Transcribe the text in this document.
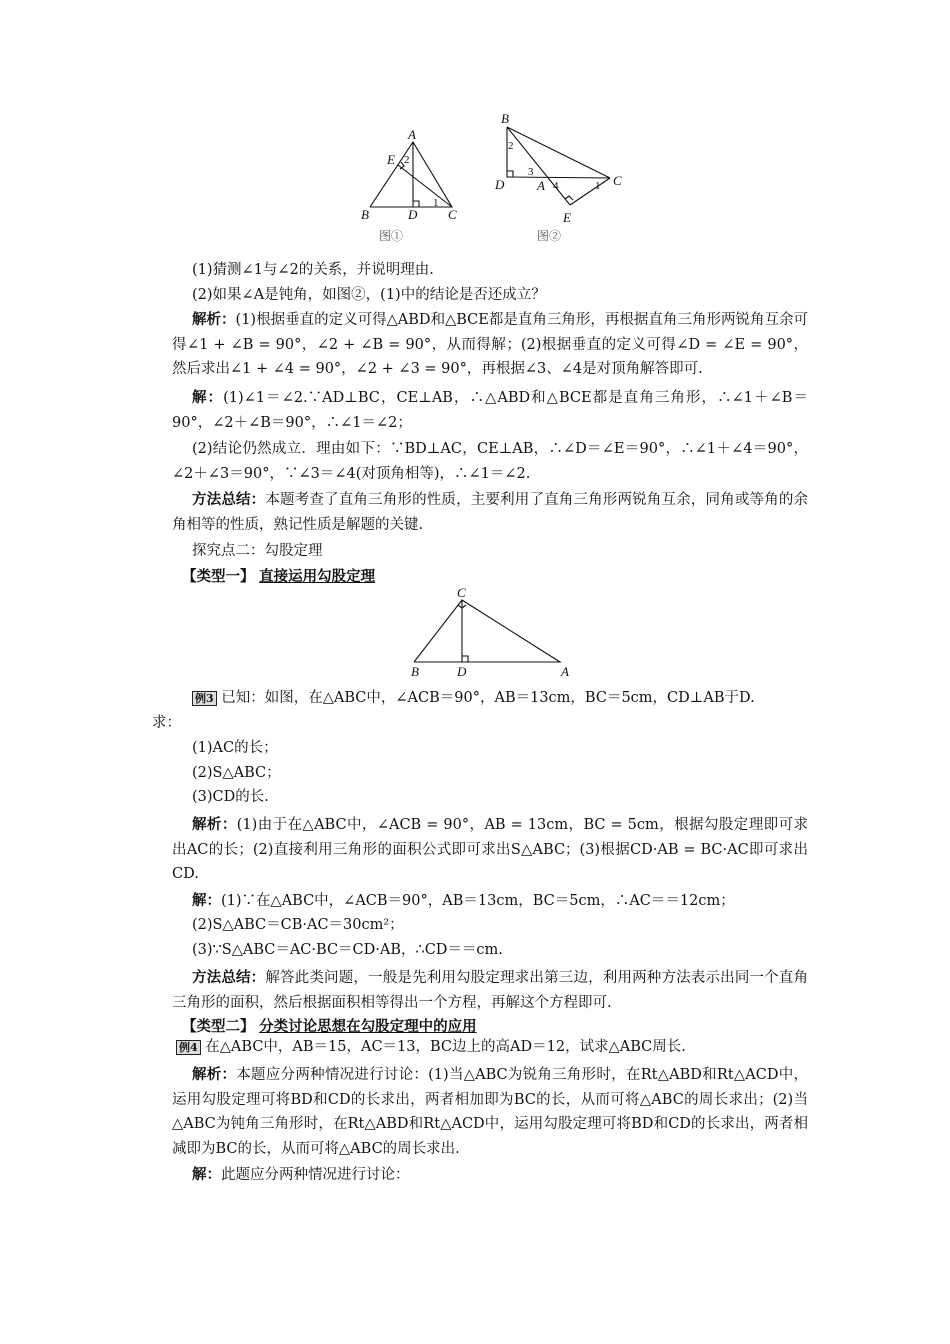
A
E
B	D C
2
1
图①
B
D	A	C
E
2
3
4	1
图②
C
B	D	A

(1)猜测∠1与∠2的关系，并说明理由.

(2)如果∠A是钝角，如图②，(1)中的结论是否还成立？

解析：(1)根据垂直的定义可得△ABD和△BCE都是直角三角形，再根据直角三角形两锐角互余可得∠1 + ∠B = 90°，∠2 + ∠B = 90°，从而得解；(2)根据垂直的定义可得∠D = ∠E = 90°，然后求出∠1 + ∠4 = 90°，∠2 + ∠3 = 90°，再根据∠3、∠4是对顶角解答即可.

解：(1)∠1＝∠2.∵AD⊥BC，CE⊥AB，∴△ABD和△BCE都是直角三角形，∴∠1＋∠B＝90°，∠2＋∠B＝90°，∴∠1＝∠2；

(2)结论仍然成立．理由如下：∵BD⊥AC，CE⊥AB，∴∠D＝∠E＝90°，∴∠1＋∠4＝90°，∠2＋∠3＝90°，∵∠3＝∠4(对顶角相等)，∴∠1＝∠2.

方法总结：本题考查了直角三角形的性质，主要利用了直角三角形两锐角互余，同角或等角的余角相等的性质，熟记性质是解题的关键.

探究点二：勾股定理

【类型一】 直接运用勾股定理

例3 已知：如图，在△ABC中，∠ACB＝90°，AB＝13cm，BC＝5cm，CD⊥AB于D.
求：

(1)AC的长；

(2)S△ABC；

(3)CD的长.

解析：(1)由于在△ABC中，∠ACB = 90°，AB = 13cm，BC = 5cm，根据勾股定理即可求出AC的长；(2)直接利用三角形的面积公式即可求出S△ABC；(3)根据CD·AB = BC·AC即可求出CD.

解：(1)∵在△ABC中，∠ACB＝90°，AB＝13cm，BC＝5cm，∴AC＝＝12cm；

(2)S△ABC＝CB·AC＝30cm²；

(3)∵S△ABC＝AC·BC＝CD·AB，∴CD＝＝cm.

方法总结：解答此类问题，一般是先利用勾股定理求出第三边，利用两种方法表示出同一个直角三角形的面积，然后根据面积相等得出一个方程，再解这个方程即可.

【类型二】 分类讨论思想在勾股定理中的应用

例4 在△ABC中，AB＝15，AC＝13，BC边上的高AD＝12，试求△ABC周长.

解析：本题应分两种情况进行讨论：(1)当△ABC为锐角三角形时，在Rt△ABD和Rt△ACD中，运用勾股定理可将BD和CD的长求出，两者相加即为BC的长，从而可将△ABC的周长求出；(2)当△ABC为钝角三角形时，在Rt△ABD和Rt△ACD中，运用勾股定理可将BD和CD的长求出，两者相减即为BC的长，从而可将△ABC的周长求出.

解：此题应分两种情况进行讨论：
